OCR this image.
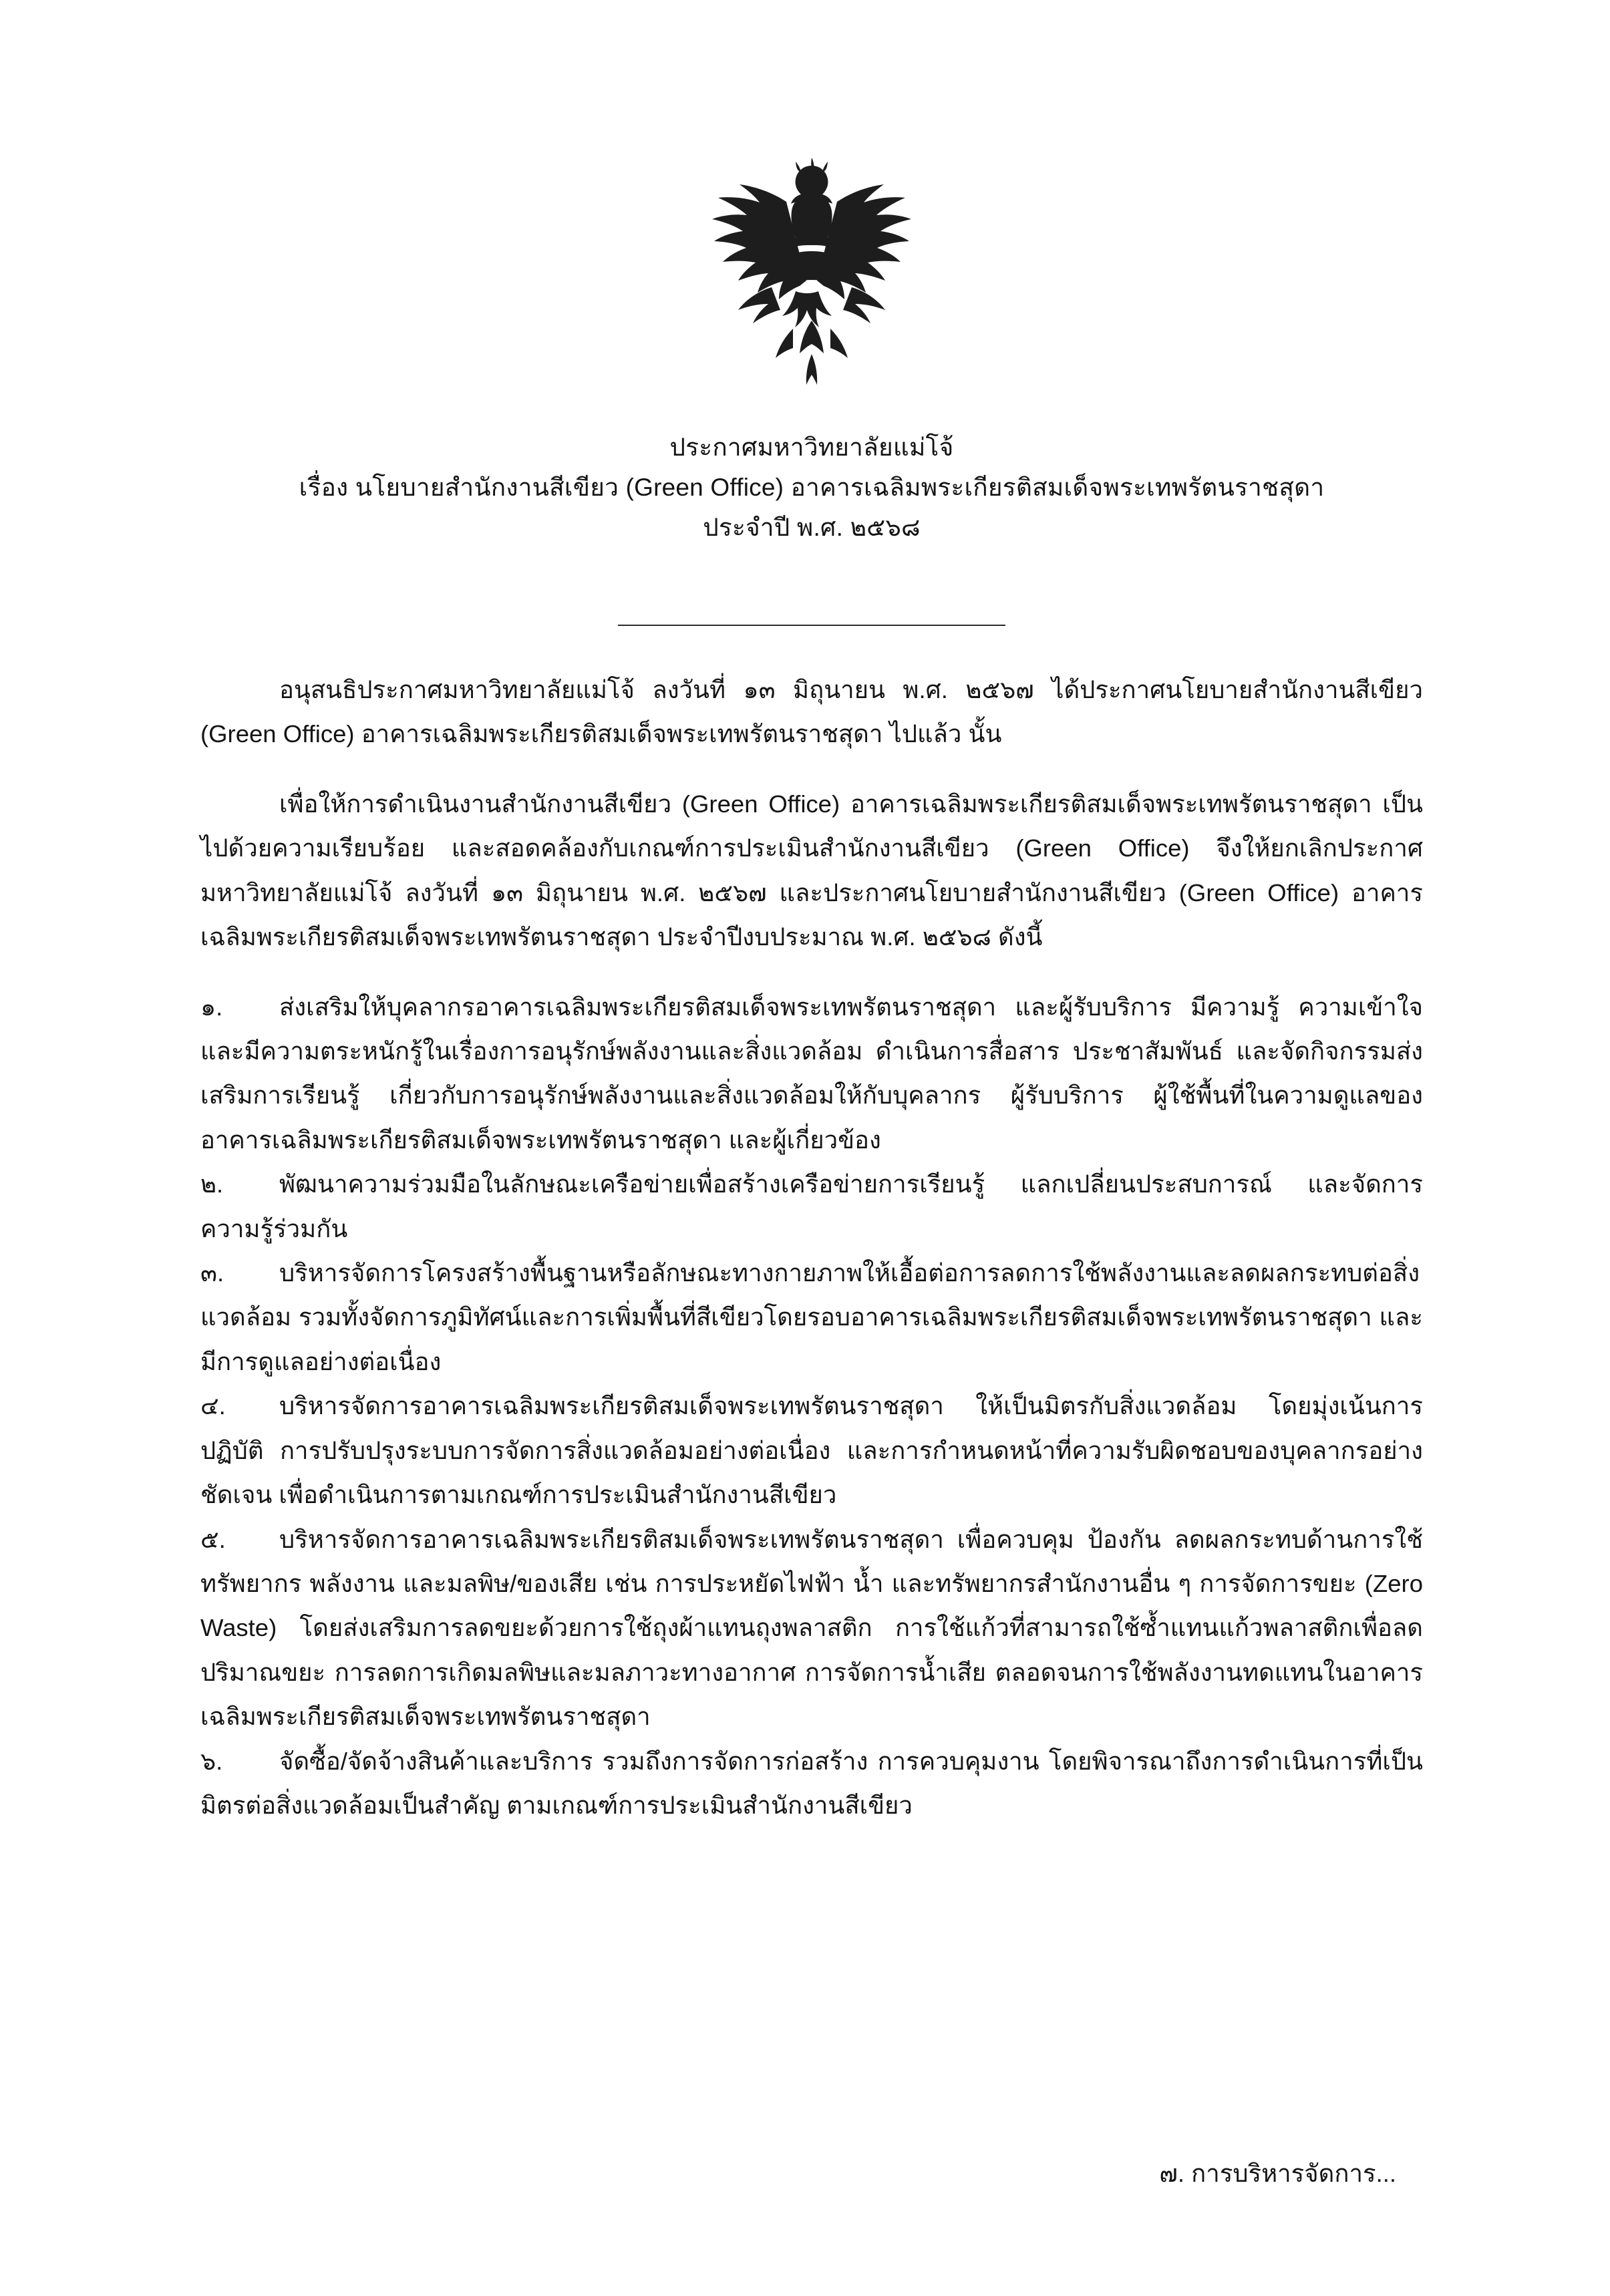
ประกาศมหาวิทยาลัยแม่โจ้
เรื่อง นโยบายสำนักงานสีเขียว (Green Office) อาคารเฉลิมพระเกียรติสมเด็จพระเทพรัตนราชสุดา
ประจำปี พ.ศ. ๒๕๖๘

อนุสนธิประกาศมหาวิทยาลัยแม่โจ้ ลงวันที่ ๑๓ มิถุนายน พ.ศ. ๒๕๖๗ ได้ประกาศนโยบายสำนักงานสีเขียว (Green Office) อาคารเฉลิมพระเกียรติสมเด็จพระเทพรัตนราชสุดา ไปแล้ว นั้น

เพื่อให้การดำเนินงานสำนักงานสีเขียว (Green Office) อาคารเฉลิมพระเกียรติสมเด็จพระเทพรัตนราชสุดา เป็นไปด้วยความเรียบร้อย และสอดคล้องกับเกณฑ์การประเมินสำนักงานสีเขียว (Green Office) จึงให้ยกเลิกประกาศมหาวิทยาลัยแม่โจ้ ลงวันที่ ๑๓ มิถุนายน พ.ศ. ๒๕๖๗ และประกาศนโยบายสำนักงานสีเขียว (Green Office) อาคารเฉลิมพระเกียรติสมเด็จพระเทพรัตนราชสุดา ประจำปีงบประมาณ พ.ศ. ๒๕๖๘ ดังนี้

๑. ส่งเสริมให้บุคลากรอาคารเฉลิมพระเกียรติสมเด็จพระเทพรัตนราชสุดา และผู้รับบริการ มีความรู้ ความเข้าใจ และมีความตระหนักรู้ในเรื่องการอนุรักษ์พลังงานและสิ่งแวดล้อม ดำเนินการสื่อสาร ประชาสัมพันธ์ และจัดกิจกรรมส่งเสริมการเรียนรู้ เกี่ยวกับการอนุรักษ์พลังงานและสิ่งแวดล้อมให้กับบุคลากร ผู้รับบริการ ผู้ใช้พื้นที่ในความดูแลของอาคารเฉลิมพระเกียรติสมเด็จพระเทพรัตนราชสุดา และผู้เกี่ยวข้อง

๒. พัฒนาความร่วมมือในลักษณะเครือข่ายเพื่อสร้างเครือข่ายการเรียนรู้ แลกเปลี่ยนประสบการณ์ และจัดการความรู้ร่วมกัน

๓. บริหารจัดการโครงสร้างพื้นฐานหรือลักษณะทางกายภาพให้เอื้อต่อการลดการใช้พลังงานและลดผลกระทบต่อสิ่งแวดล้อม รวมทั้งจัดการภูมิทัศน์และการเพิ่มพื้นที่สีเขียวโดยรอบอาคารเฉลิมพระเกียรติสมเด็จพระเทพรัตนราชสุดา และมีการดูแลอย่างต่อเนื่อง

๔. บริหารจัดการอาคารเฉลิมพระเกียรติสมเด็จพระเทพรัตนราชสุดา ให้เป็นมิตรกับสิ่งแวดล้อม โดยมุ่งเน้นการปฏิบัติ การปรับปรุงระบบการจัดการสิ่งแวดล้อมอย่างต่อเนื่อง และการกำหนดหน้าที่ความรับผิดชอบของบุคลากรอย่างชัดเจน เพื่อดำเนินการตามเกณฑ์การประเมินสำนักงานสีเขียว

๕. บริหารจัดการอาคารเฉลิมพระเกียรติสมเด็จพระเทพรัตนราชสุดา เพื่อควบคุม ป้องกัน ลดผลกระทบด้านการใช้ทรัพยากร พลังงาน และมลพิษ/ของเสีย เช่น การประหยัดไฟฟ้า น้ำ และทรัพยากรสำนักงานอื่น ๆ การจัดการขยะ (Zero Waste) โดยส่งเสริมการลดขยะด้วยการใช้ถุงผ้าแทนถุงพลาสติก การใช้แก้วที่สามารถใช้ซ้ำแทนแก้วพลาสติกเพื่อลดปริมาณขยะ การลดการเกิดมลพิษและมลภาวะทางอากาศ การจัดการน้ำเสีย ตลอดจนการใช้พลังงานทดแทนในอาคารเฉลิมพระเกียรติสมเด็จพระเทพรัตนราชสุดา

๖. จัดซื้อ/จัดจ้างสินค้าและบริการ รวมถึงการจัดการก่อสร้าง การควบคุมงาน โดยพิจารณาถึงการดำเนินการที่เป็นมิตรต่อสิ่งแวดล้อมเป็นสำคัญ ตามเกณฑ์การประเมินสำนักงานสีเขียว

๗. การบริหารจัดการ...
